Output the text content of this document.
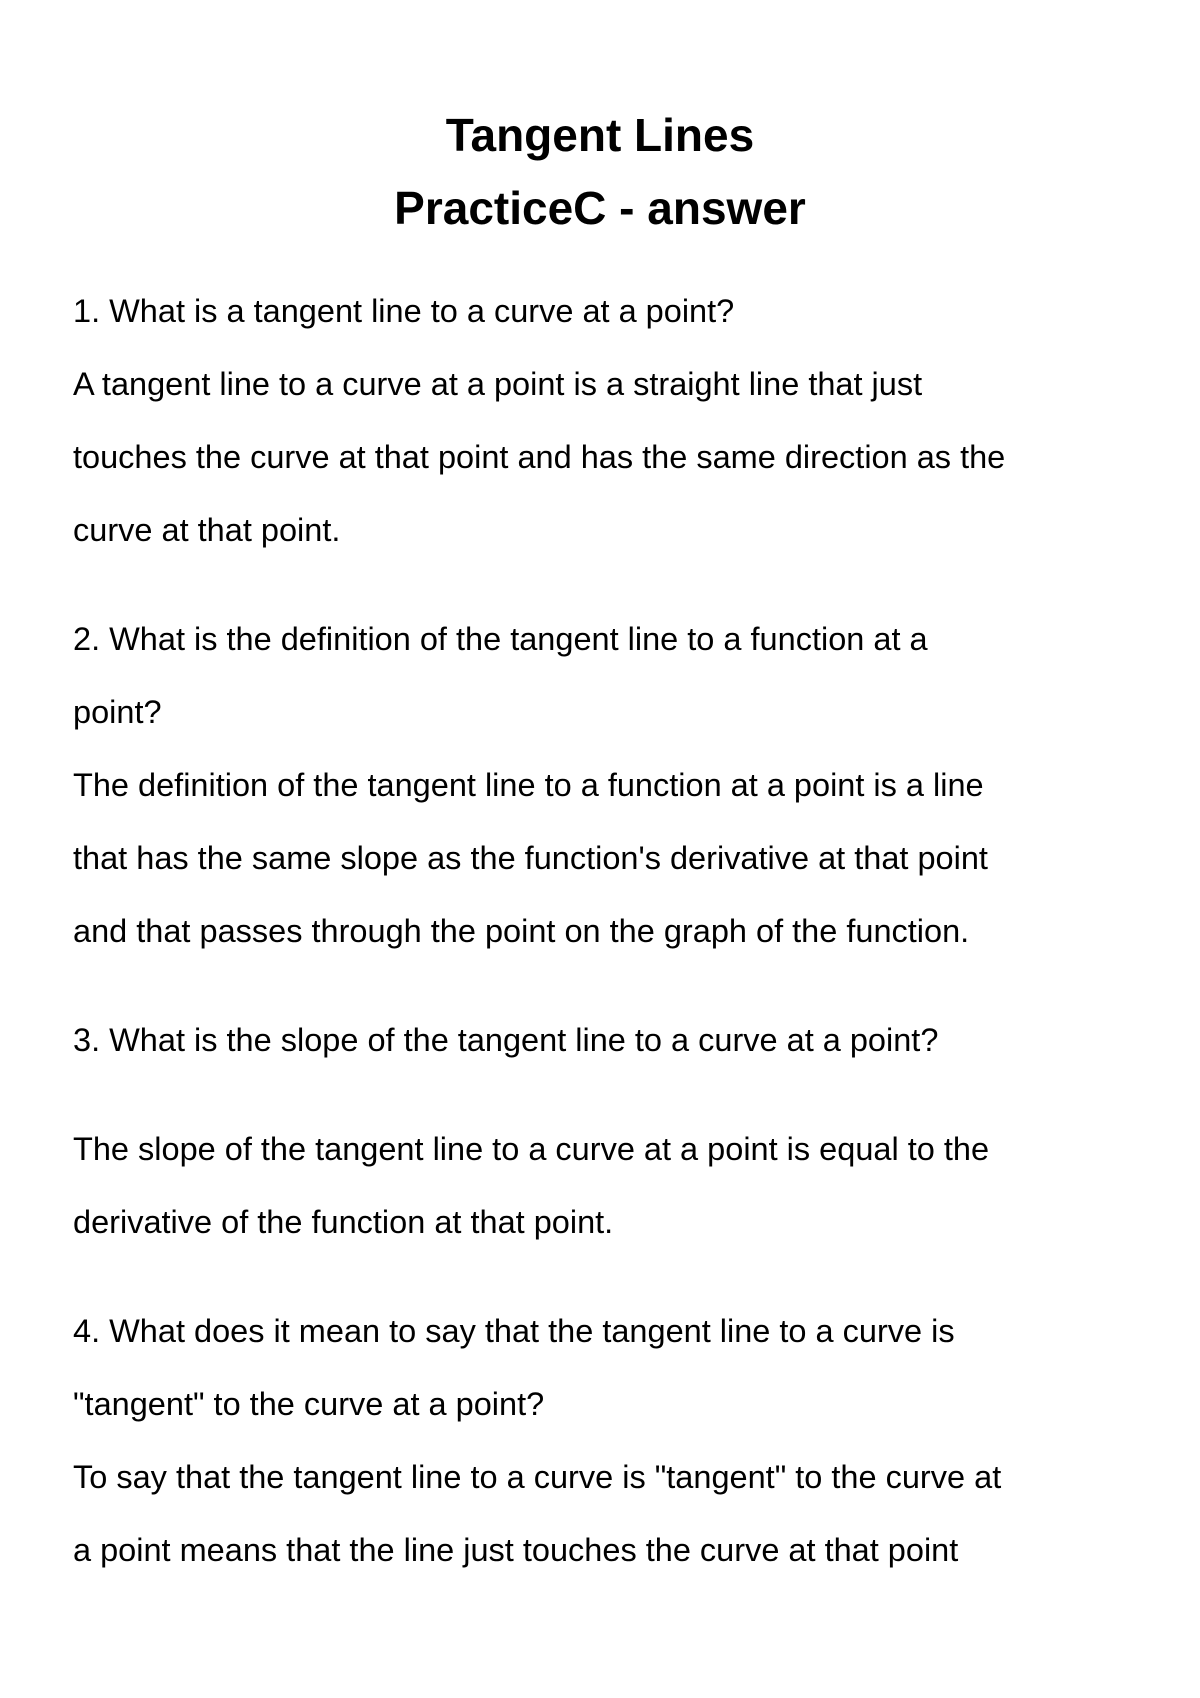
Tangent Lines
PracticeC - answer
1. What is a tangent line to a curve at a point?
A tangent line to a curve at a point is a straight line that just
touches the curve at that point and has the same direction as the
curve at that point.
2. What is the definition of the tangent line to a function at a
point?
The definition of the tangent line to a function at a point is a line
that has the same slope as the function's derivative at that point
and that passes through the point on the graph of the function.
3. What is the slope of the tangent line to a curve at a point?
The slope of the tangent line to a curve at a point is equal to the
derivative of the function at that point.
4. What does it mean to say that the tangent line to a curve is
"tangent" to the curve at a point?
To say that the tangent line to a curve is "tangent" to the curve at
a point means that the line just touches the curve at that point
